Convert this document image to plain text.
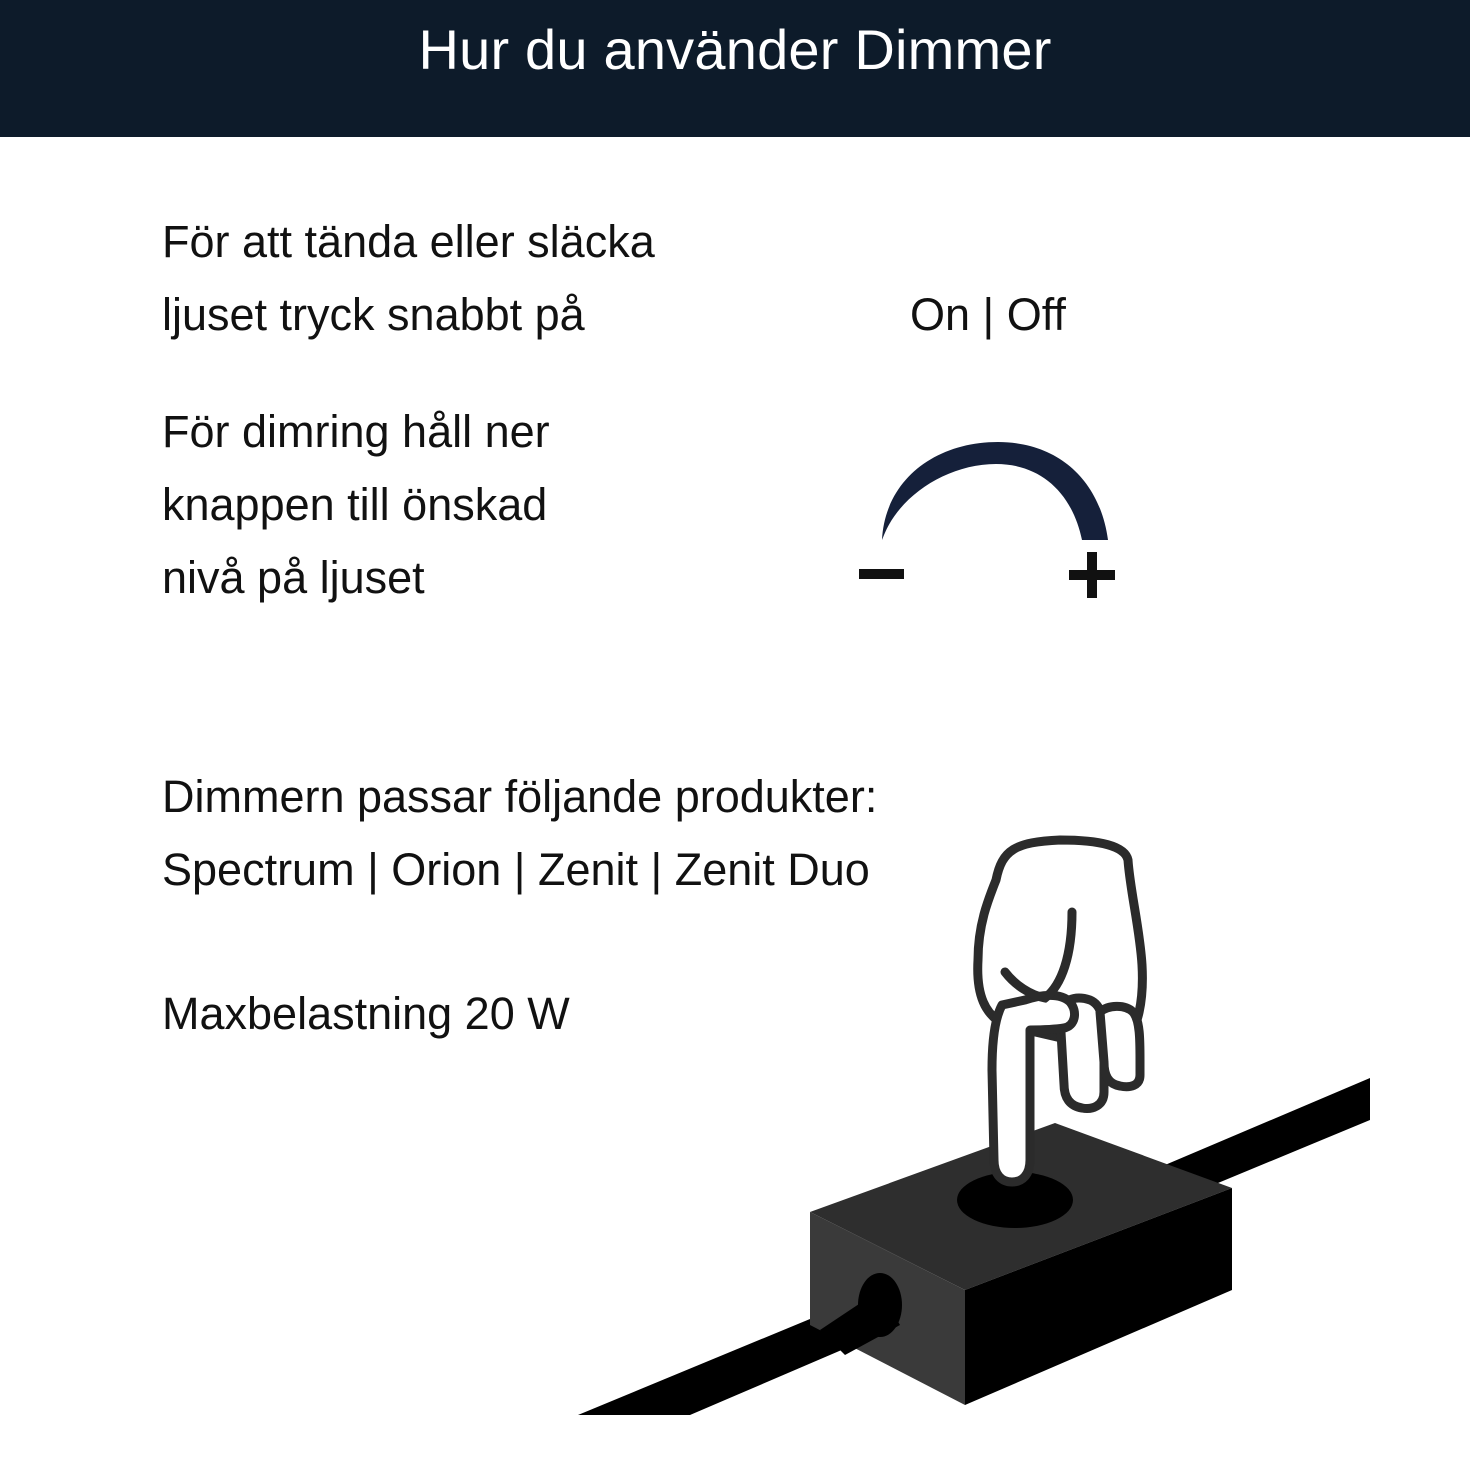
Hur du använder Dimmer
För att tända eller släcka
ljuset tryck snabbt på	On | Off
För dimring håll ner
knappen till önskad
nivå på ljuset
Dimmern passar följande produkter:
Spectrum | Orion | Zenit | Zenit Duo
Maxbelastning 20 W
